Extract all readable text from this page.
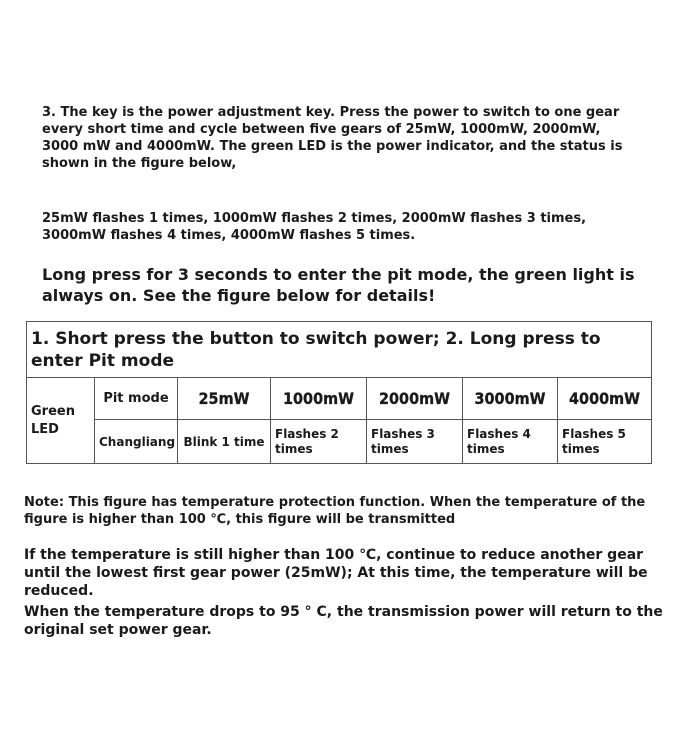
3. The key is the power adjustment key. Press the power to switch to one gear every short time and cycle between five gears of 25mW, 1000mW, 2000mW, 3000 mW and 4000mW. The green LED is the power indicator, and the status is shown in the figure below,
25mW flashes 1 times, 1000mW flashes 2 times, 2000mW flashes 3 times, 3000mW flashes 4 times, 4000mW flashes 5 times.
Long press for 3 seconds to enter the pit mode, the green light is always on. See the figure below for details!
1. Short press the button to switch power; 2. Long press to enter Pit mode						
Green LED	Pit mode	25mW	1000mW	2000mW	3000mW	4000mW
	Changliang	Blink 1 time	Flashes 2 times	Flashes 3 times	Flashes 4 times	Flashes 5 times
Note: This figure has temperature protection function. When the temperature of the figure is higher than 100 ℃, this figure will be transmitted
If the temperature is still higher than 100 ℃, continue to reduce another gear until the lowest first gear power (25mW); At this time, the temperature will be reduced.
When the temperature drops to 95 ° C, the transmission power will return to the original set power gear.
